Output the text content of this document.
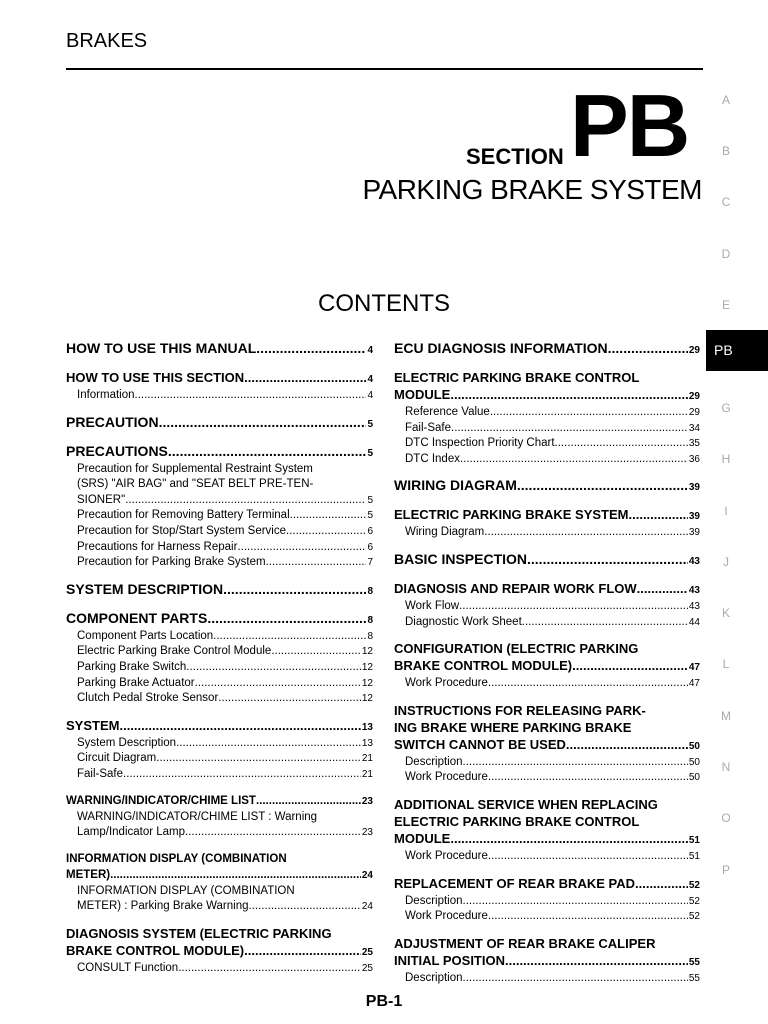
BRAKES
SECTION PB
PARKING BRAKE SYSTEM
CONTENTS
A
B
C
D
E
PB
G
H
I
J
K
L
M
N
O
P
HOW TO USE THIS MANUAL .....	4
HOW TO USE THIS SECTION .....	4
Information .....	4
PRECAUTION .....	5
PRECAUTIONS .....	5
Precaution for Supplemental Restraint System
(SRS) "AIR BAG" and "SEAT BELT PRE-TEN-
SIONER" .....	5
Precaution for Removing Battery Terminal .....	5
Precaution for Stop/Start System Service .....	6
Precautions for Harness Repair .....	6
Precaution for Parking Brake System .....	7
SYSTEM DESCRIPTION .....	8
COMPONENT PARTS .....	8
Component Parts Location .....	8
Electric Parking Brake Control Module .....	12
Parking Brake Switch .....	12
Parking Brake Actuator .....	12
Clutch Pedal Stroke Sensor .....	12
SYSTEM .....	13
System Description .....	13
Circuit Diagram .....	21
Fail-Safe .....	21
WARNING/INDICATOR/CHIME LIST .....	23
WARNING/INDICATOR/CHIME LIST : Warning
Lamp/Indicator Lamp .....	23
INFORMATION DISPLAY (COMBINATION
METER) .....	24
INFORMATION DISPLAY (COMBINATION
METER) : Parking Brake Warning .....	24
DIAGNOSIS SYSTEM (ELECTRIC PARKING
BRAKE CONTROL MODULE) .....	25
CONSULT Function .....	25
ECU DIAGNOSIS INFORMATION .....	29
ELECTRIC PARKING BRAKE CONTROL
MODULE .....	29
Reference Value .....	29
Fail-Safe .....	34
DTC Inspection Priority Chart .....	35
DTC Index .....	36
WIRING DIAGRAM .....	39
ELECTRIC PARKING BRAKE SYSTEM .....	39
Wiring Diagram .....	39
BASIC INSPECTION .....	43
DIAGNOSIS AND REPAIR WORK FLOW .....	43
Work Flow .....	43
Diagnostic Work Sheet .....	44
CONFIGURATION (ELECTRIC PARKING
BRAKE CONTROL MODULE) .....	47
Work Procedure .....	47
INSTRUCTIONS FOR RELEASING PARK-
ING BRAKE WHERE PARKING BRAKE
SWITCH CANNOT BE USED .....	50
Description .....	50
Work Procedure .....	50
ADDITIONAL SERVICE WHEN REPLACING
ELECTRIC PARKING BRAKE CONTROL
MODULE .....	51
Work Procedure .....	51
REPLACEMENT OF REAR BRAKE PAD .....	52
Description .....	52
Work Procedure .....	52
ADJUSTMENT OF REAR BRAKE CALIPER
INITIAL POSITION .....	55
Description .....	55
PB-1
